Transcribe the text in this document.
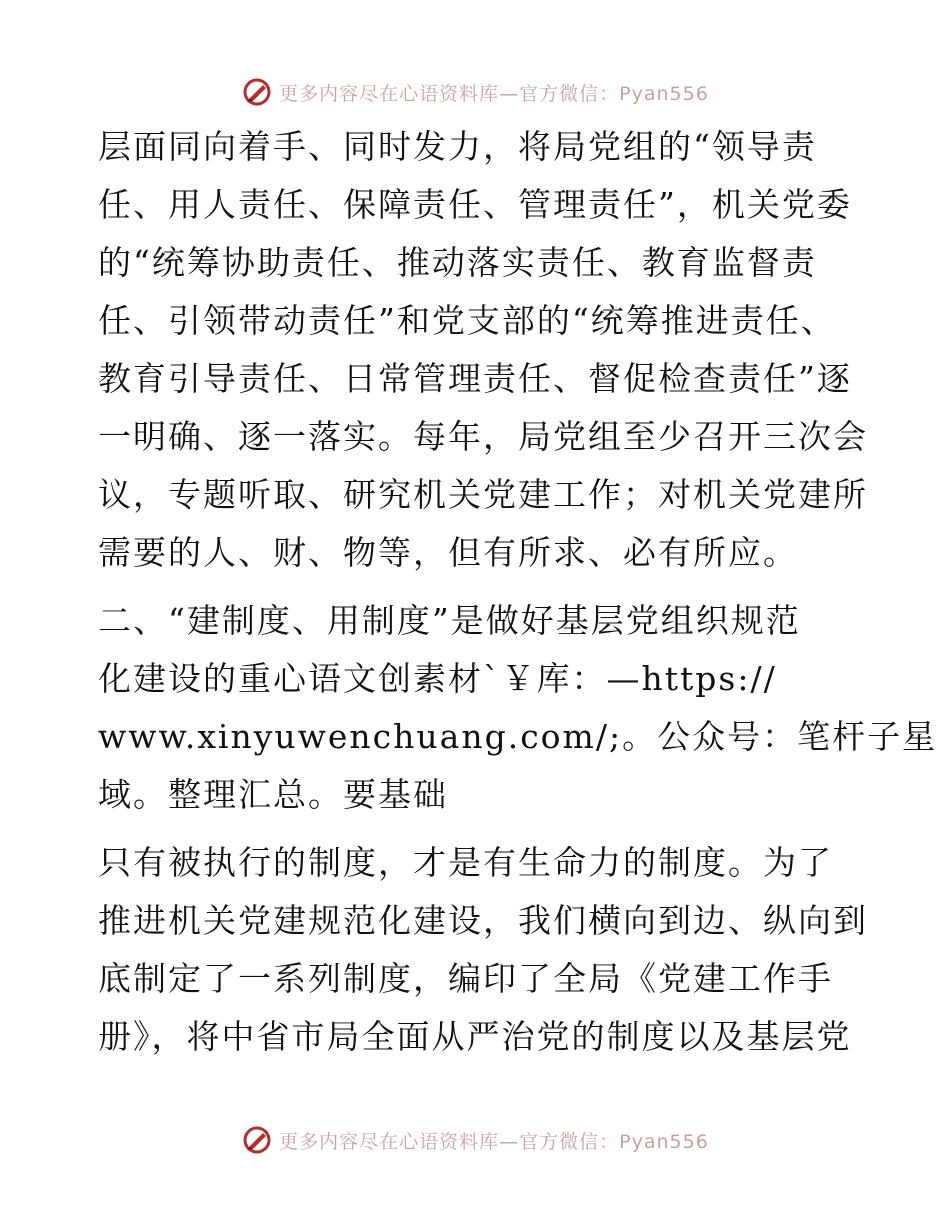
更多内容尽在心语资料库—官方微信：Pyan556
层面同向着手、同时发力，将局党组的“领导责
任、用人责任、保障责任、管理责任”，机关党委
的“统筹协助责任、推动落实责任、教育监督责
任、引领带动责任”和党支部的“统筹推进责任、
教育引导责任、日常管理责任、督促检查责任”逐
一明确、逐一落实。每年，局党组至少召开三次会
议，专题听取、研究机关党建工作；对机关党建所
需要的人、财、物等，但有所求、必有所应。
二、“建制度、用制度”是做好基层党组织规范
化建设的重心语文创素材`￥库：—https://
www.xinyuwenchuang.com/;。公众号：笔杆子星
域。整理汇总。要基础
只有被执行的制度，才是有生命力的制度。为了
推进机关党建规范化建设，我们横向到边、纵向到
底制定了一系列制度，编印了全局《党建工作手
册》，将中省市局全面从严治党的制度以及基层党
更多内容尽在心语资料库—官方微信：Pyan556
